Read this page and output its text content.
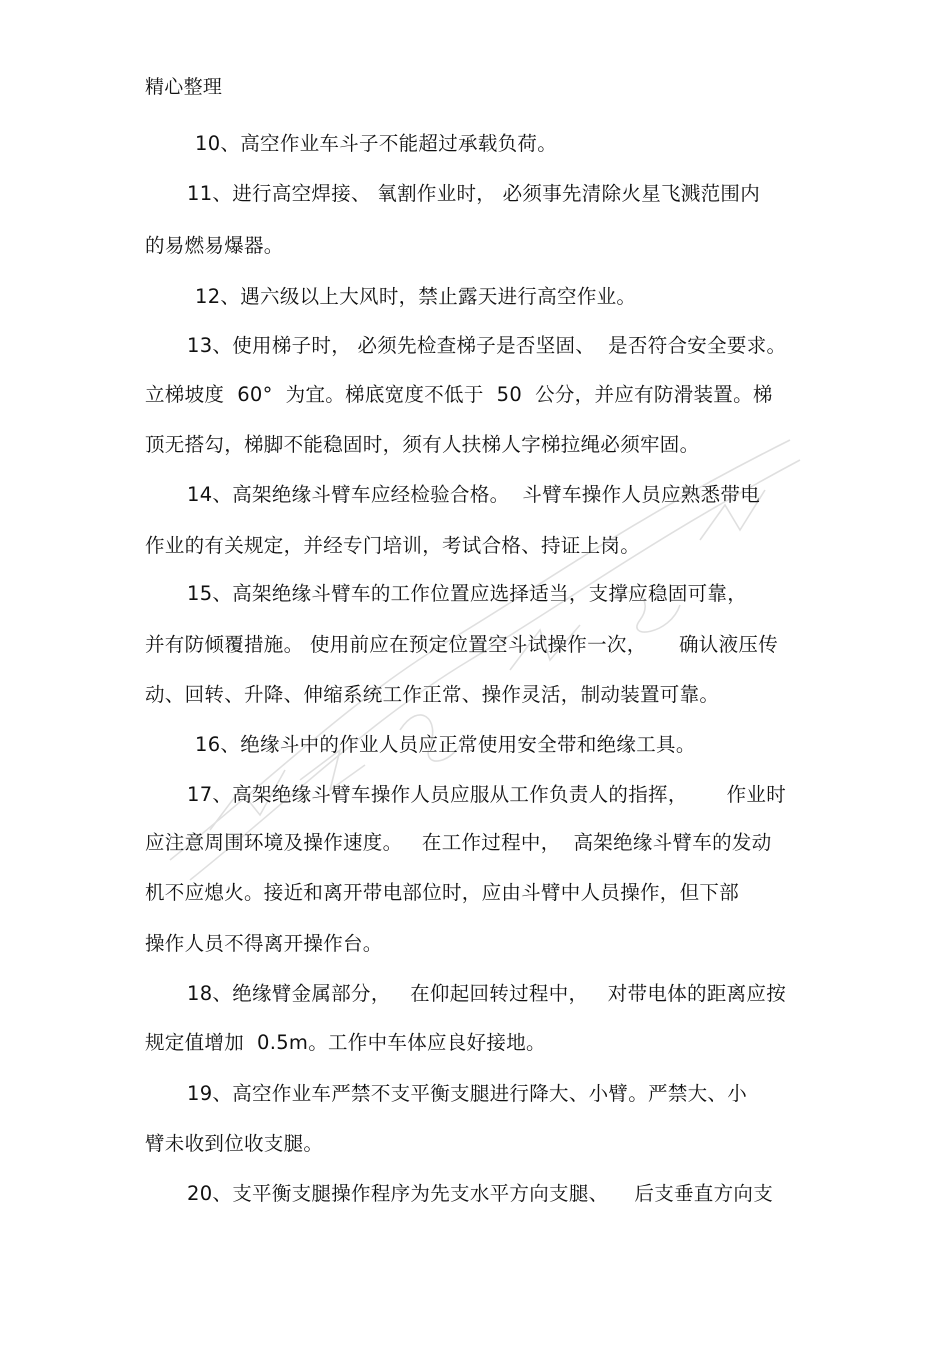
精心整理
10、高空作业车斗子不能超过承载负荷。
11、进行高空焊接、 氧割作业时， 必须事先清除火星飞溅范围内
的易燃易爆器。
12、遇六级以上大风时，禁止露天进行高空作业。
13、使用梯子时， 必须先检查梯子是否坚固、  是否符合安全要求。
立梯坡度  60°  为宜。梯底宽度不低于  50  公分，并应有防滑装置。梯
顶无搭勾，梯脚不能稳固时，须有人扶梯人字梯拉绳必须牢固。
14、高架绝缘斗臂车应经检验合格。  斗臂车操作人员应熟悉带电
作业的有关规定，并经专门培训，考试合格、持证上岗。
15、高架绝缘斗臂车的工作位置应选择适当，支撑应稳固可靠，
并有防倾覆措施。 使用前应在预定位置空斗试操作一次，     确认液压传
动、回转、升降、伸缩系统工作正常、操作灵活，制动装置可靠。
16、绝缘斗中的作业人员应正常使用安全带和绝缘工具。
17、高架绝缘斗臂车操作人员应服从工作负责人的指挥，      作业时
应注意周围环境及操作速度。   在工作过程中，  高架绝缘斗臂车的发动
机不应熄火。接近和离开带电部位时，应由斗臂中人员操作，但下部
操作人员不得离开操作台。
18、绝缘臂金属部分，   在仰起回转过程中，   对带电体的距离应按
规定值增加  0.5m。工作中车体应良好接地。
19、高空作业车严禁不支平衡支腿进行降大、小臂。严禁大、小
臂未收到位收支腿。
20、支平衡支腿操作程序为先支水平方向支腿、    后支垂直方向支
